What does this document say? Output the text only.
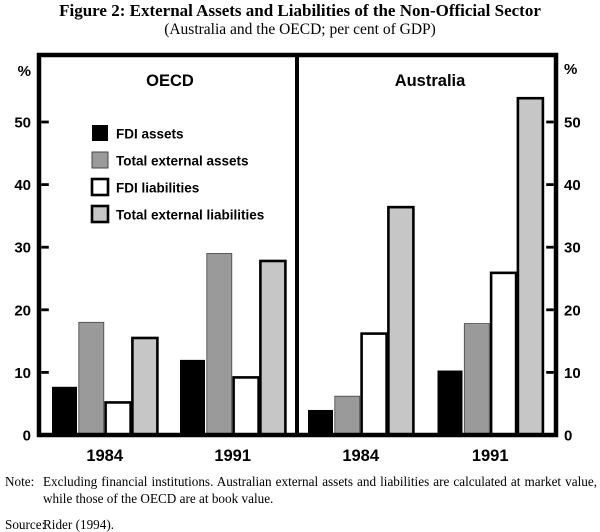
Figure 2: External Assets and Liabilities of the Non-Official Sector
(Australia and the OECD; per cent of GDP)
0	0
10	10
20	20
30	30
40	40
50	50
%	%
OECD
1984	1991
Australia
1984	1991
FDI assets
Total external assets
FDI liabilities
Total external liabilities
Note: Excluding financial institutions. Australian external assets and liabilities are calculated at market value, while those of the OECD are at book value.
Source:
Rider (1994).
